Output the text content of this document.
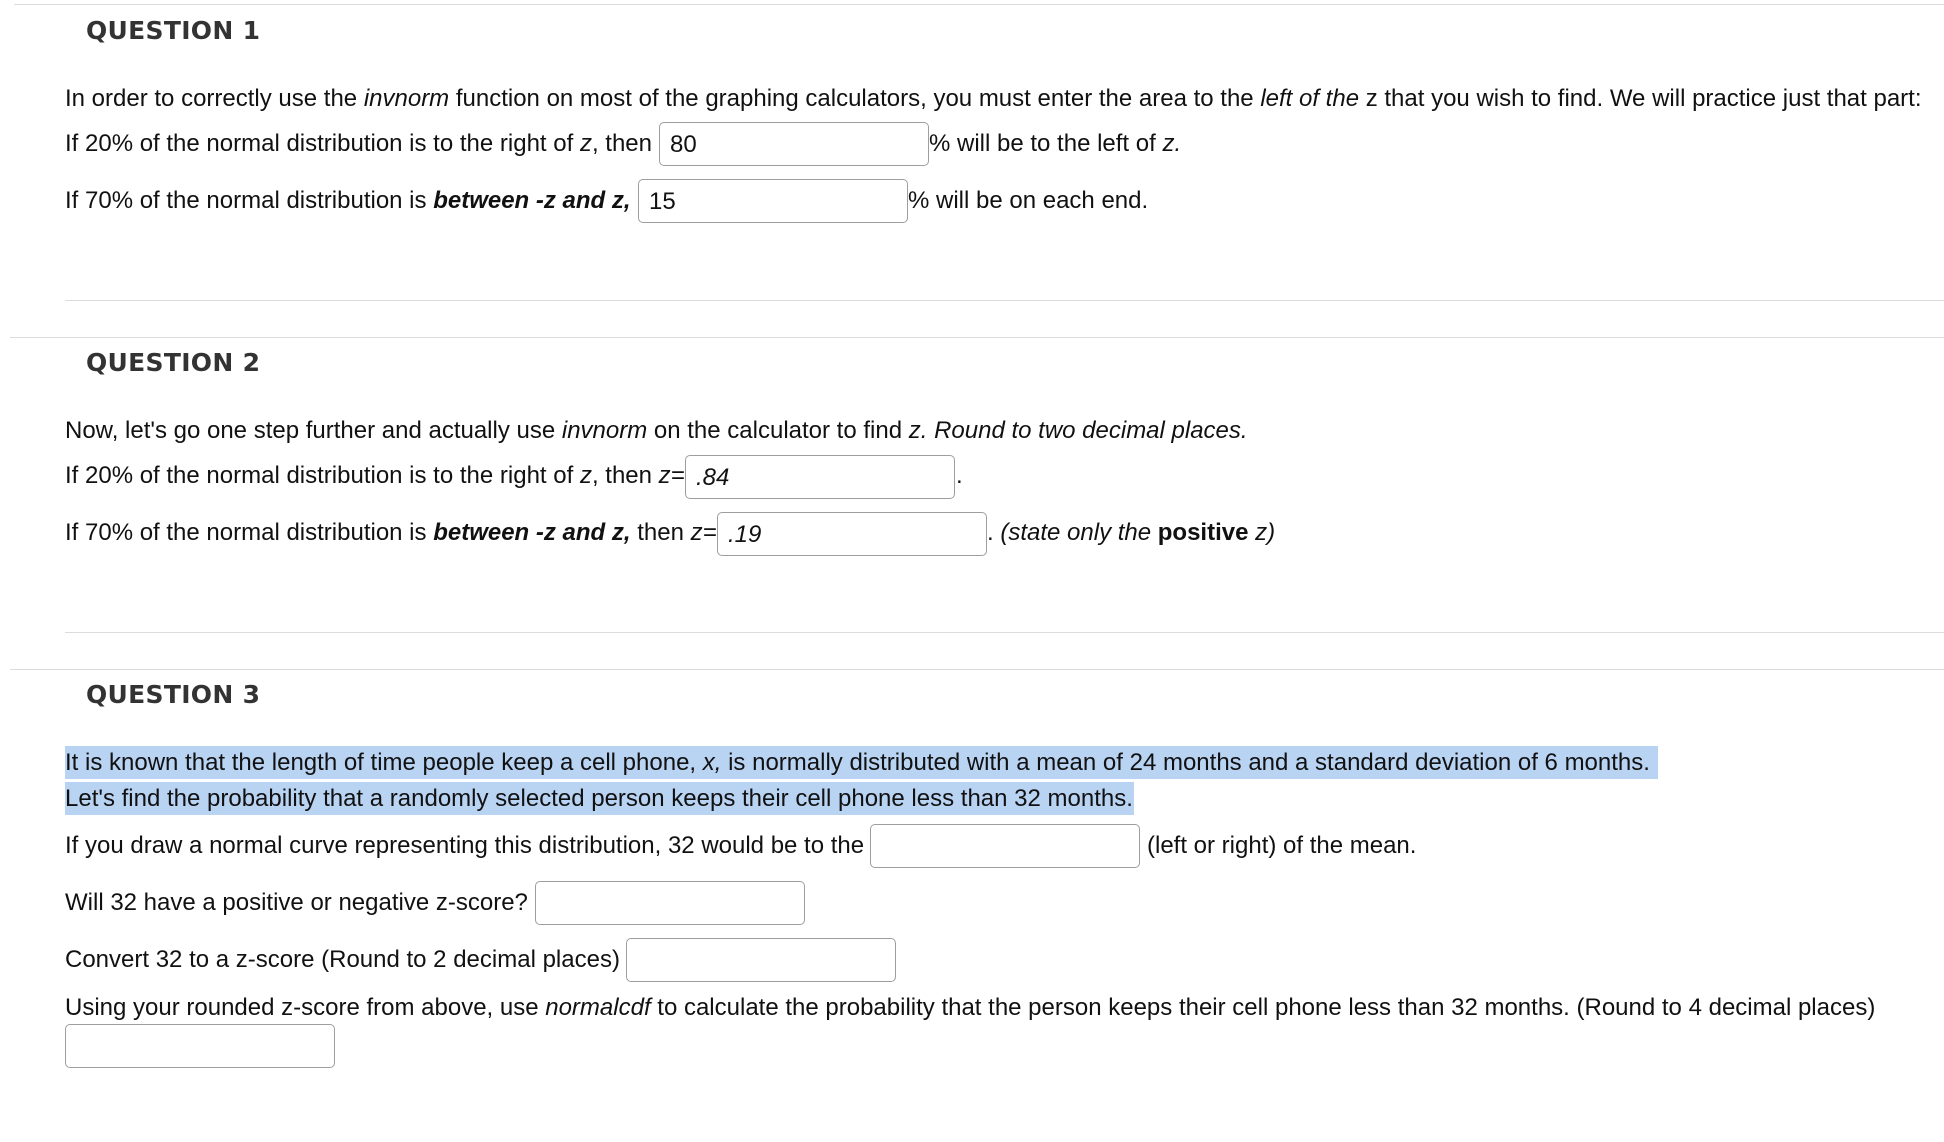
QUESTION 1
In order to correctly use the invnorm function on most of the graphing calculators, you must enter the area to the left of the z that you wish to find. We will practice just that part:
If 20% of the normal distribution is to the right of z, then 80	% will be to the left of z.
If 70% of the normal distribution is between -z and z, 15	% will be on each end.
QUESTION 2
Now, let's go one step further and actually use invnorm on the calculator to find z. Round to two decimal places.
If 20% of the normal distribution is to the right of z, then z= .84	.
If 70% of the normal distribution is between -z and z, then z= .19	. (state only the positive z)
QUESTION 3
It is known that the length of time people keep a cell phone, x, is normally distributed with a mean of 24 months and a standard deviation of 6 months.
Let's find the probability that a randomly selected person keeps their cell phone less than 32 months.
If you draw a normal curve representing this distribution, 32 would be to the	(left or right) of the mean.
Will 32 have a positive or negative z-score?
Convert 32 to a z-score (Round to 2 decimal places)
Using your rounded z-score from above, use normalcdf to calculate the probability that the person keeps their cell phone less than 32 months. (Round to 4 decimal places)
